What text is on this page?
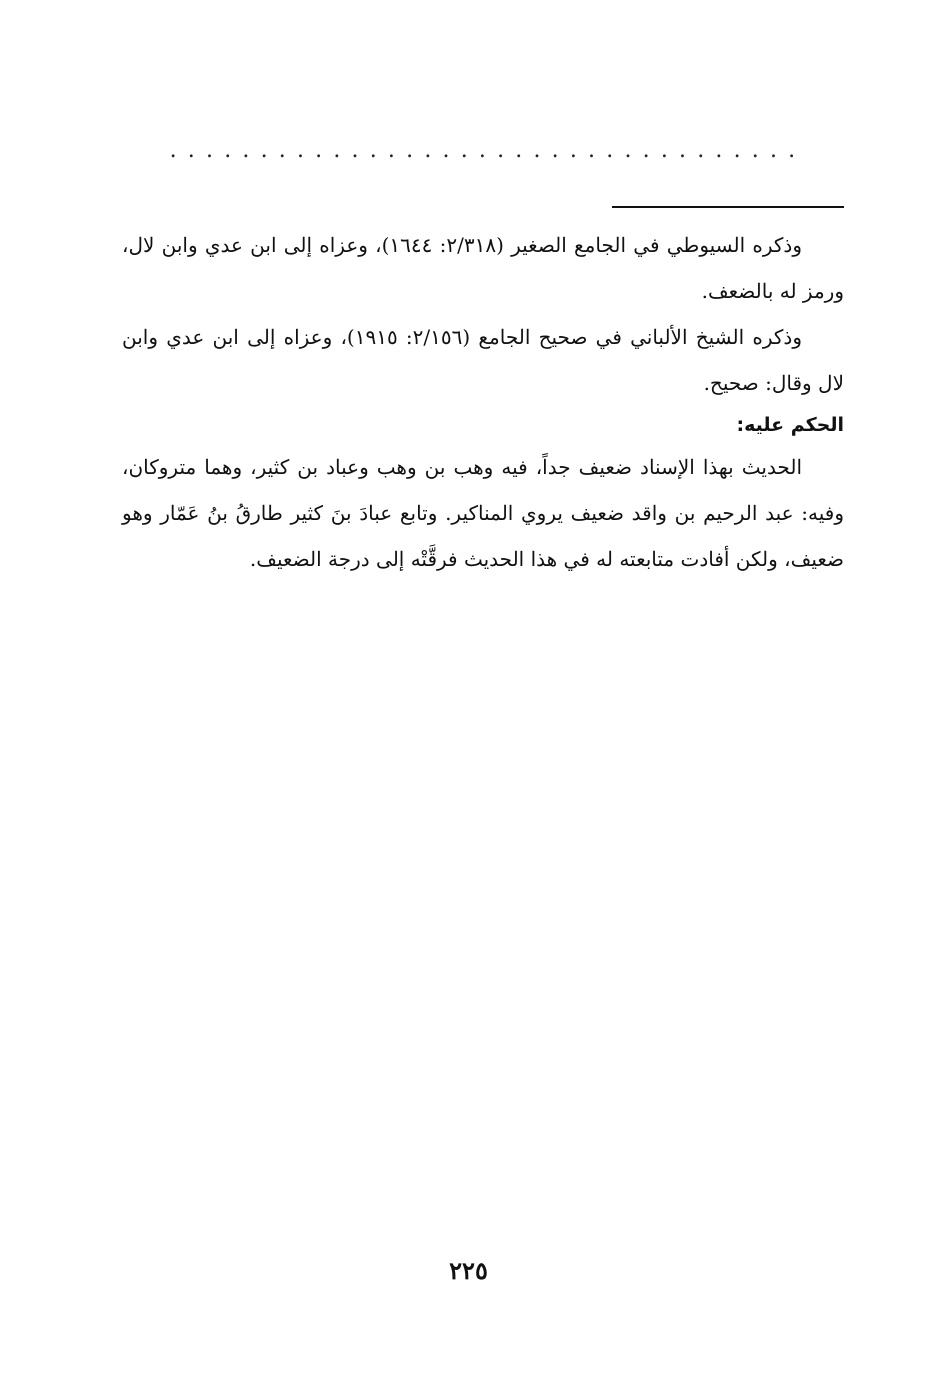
...................................

وذكره السيوطي في الجامع الصغير (٢/٣١٨: ١٦٤٤)، وعزاه إلى ابن عدي وابن لال، ورمز له بالضعف.

وذكره الشيخ الألباني في صحيح الجامع (٢/١٥٦: ١٩١٥)، وعزاه إلى ابن عدي وابن لال وقال: صحيح.

الحكم عليه:

الحديث بهذا الإسناد ضعيف جداً، فيه وهب بن وهب وعباد بن كثير، وهما متروكان، وفيه: عبد الرحيم بن واقد ضعيف يروي المناكير. وتابع عبادَ بنَ كثير طارقُ بنُ عَمّار وهو ضعيف، ولكن أفادت متابعته له في هذا الحديث فرقَّتْه إلى درجة الضعيف.

٢٢٥
